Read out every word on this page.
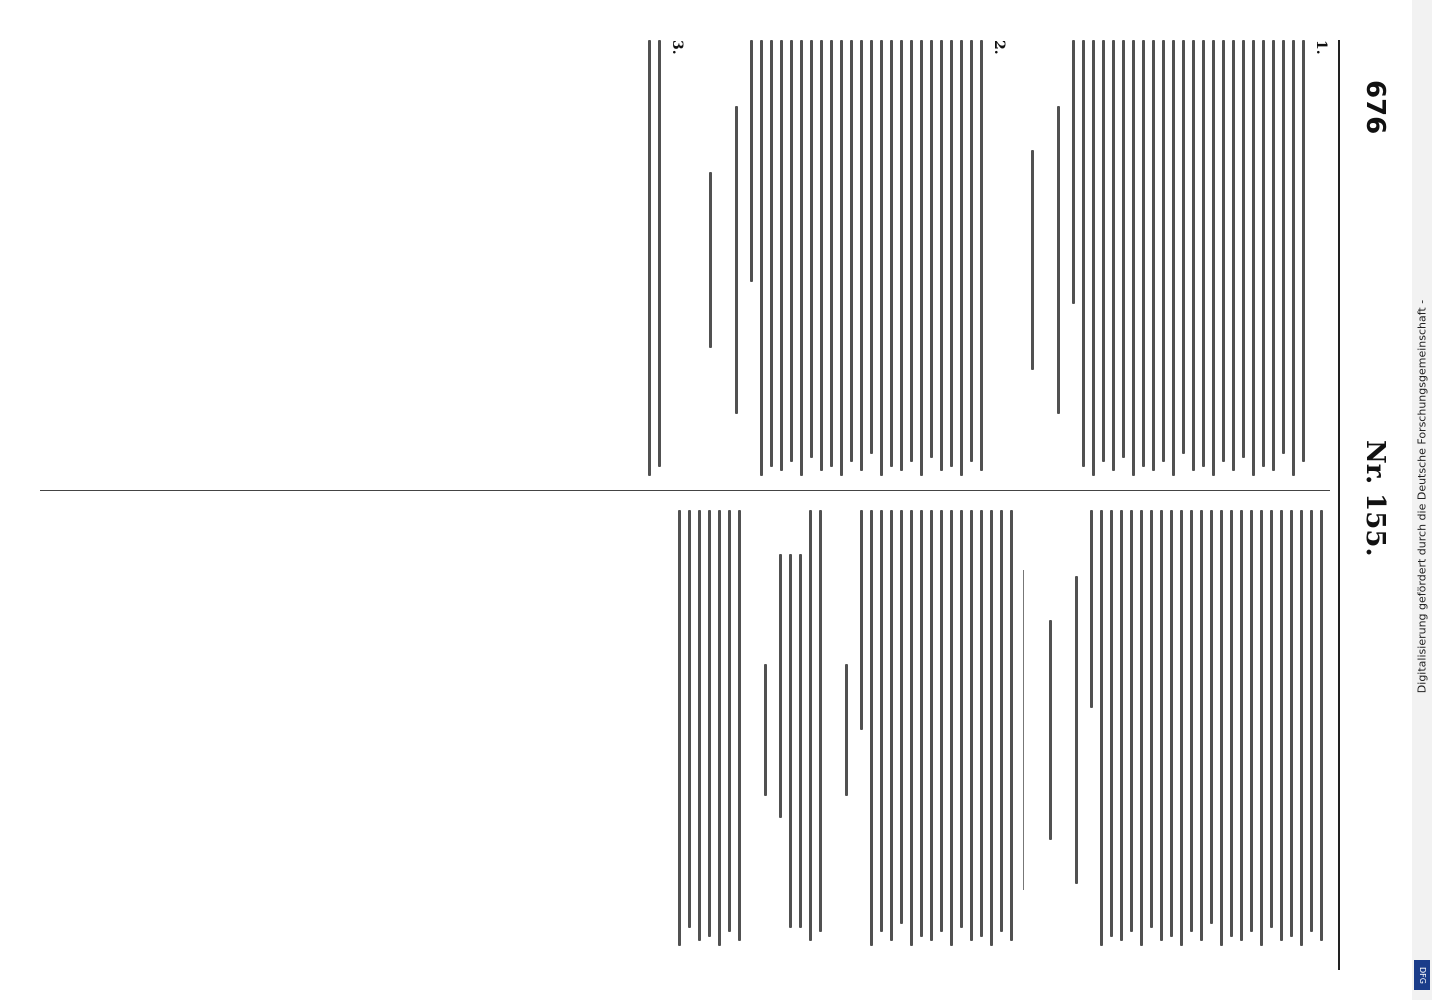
676
Nr. 155.
1.
2.
3.
Digitalisierung gefördert durch die Deutsche Forschungsgemeinschaft -
DFG
